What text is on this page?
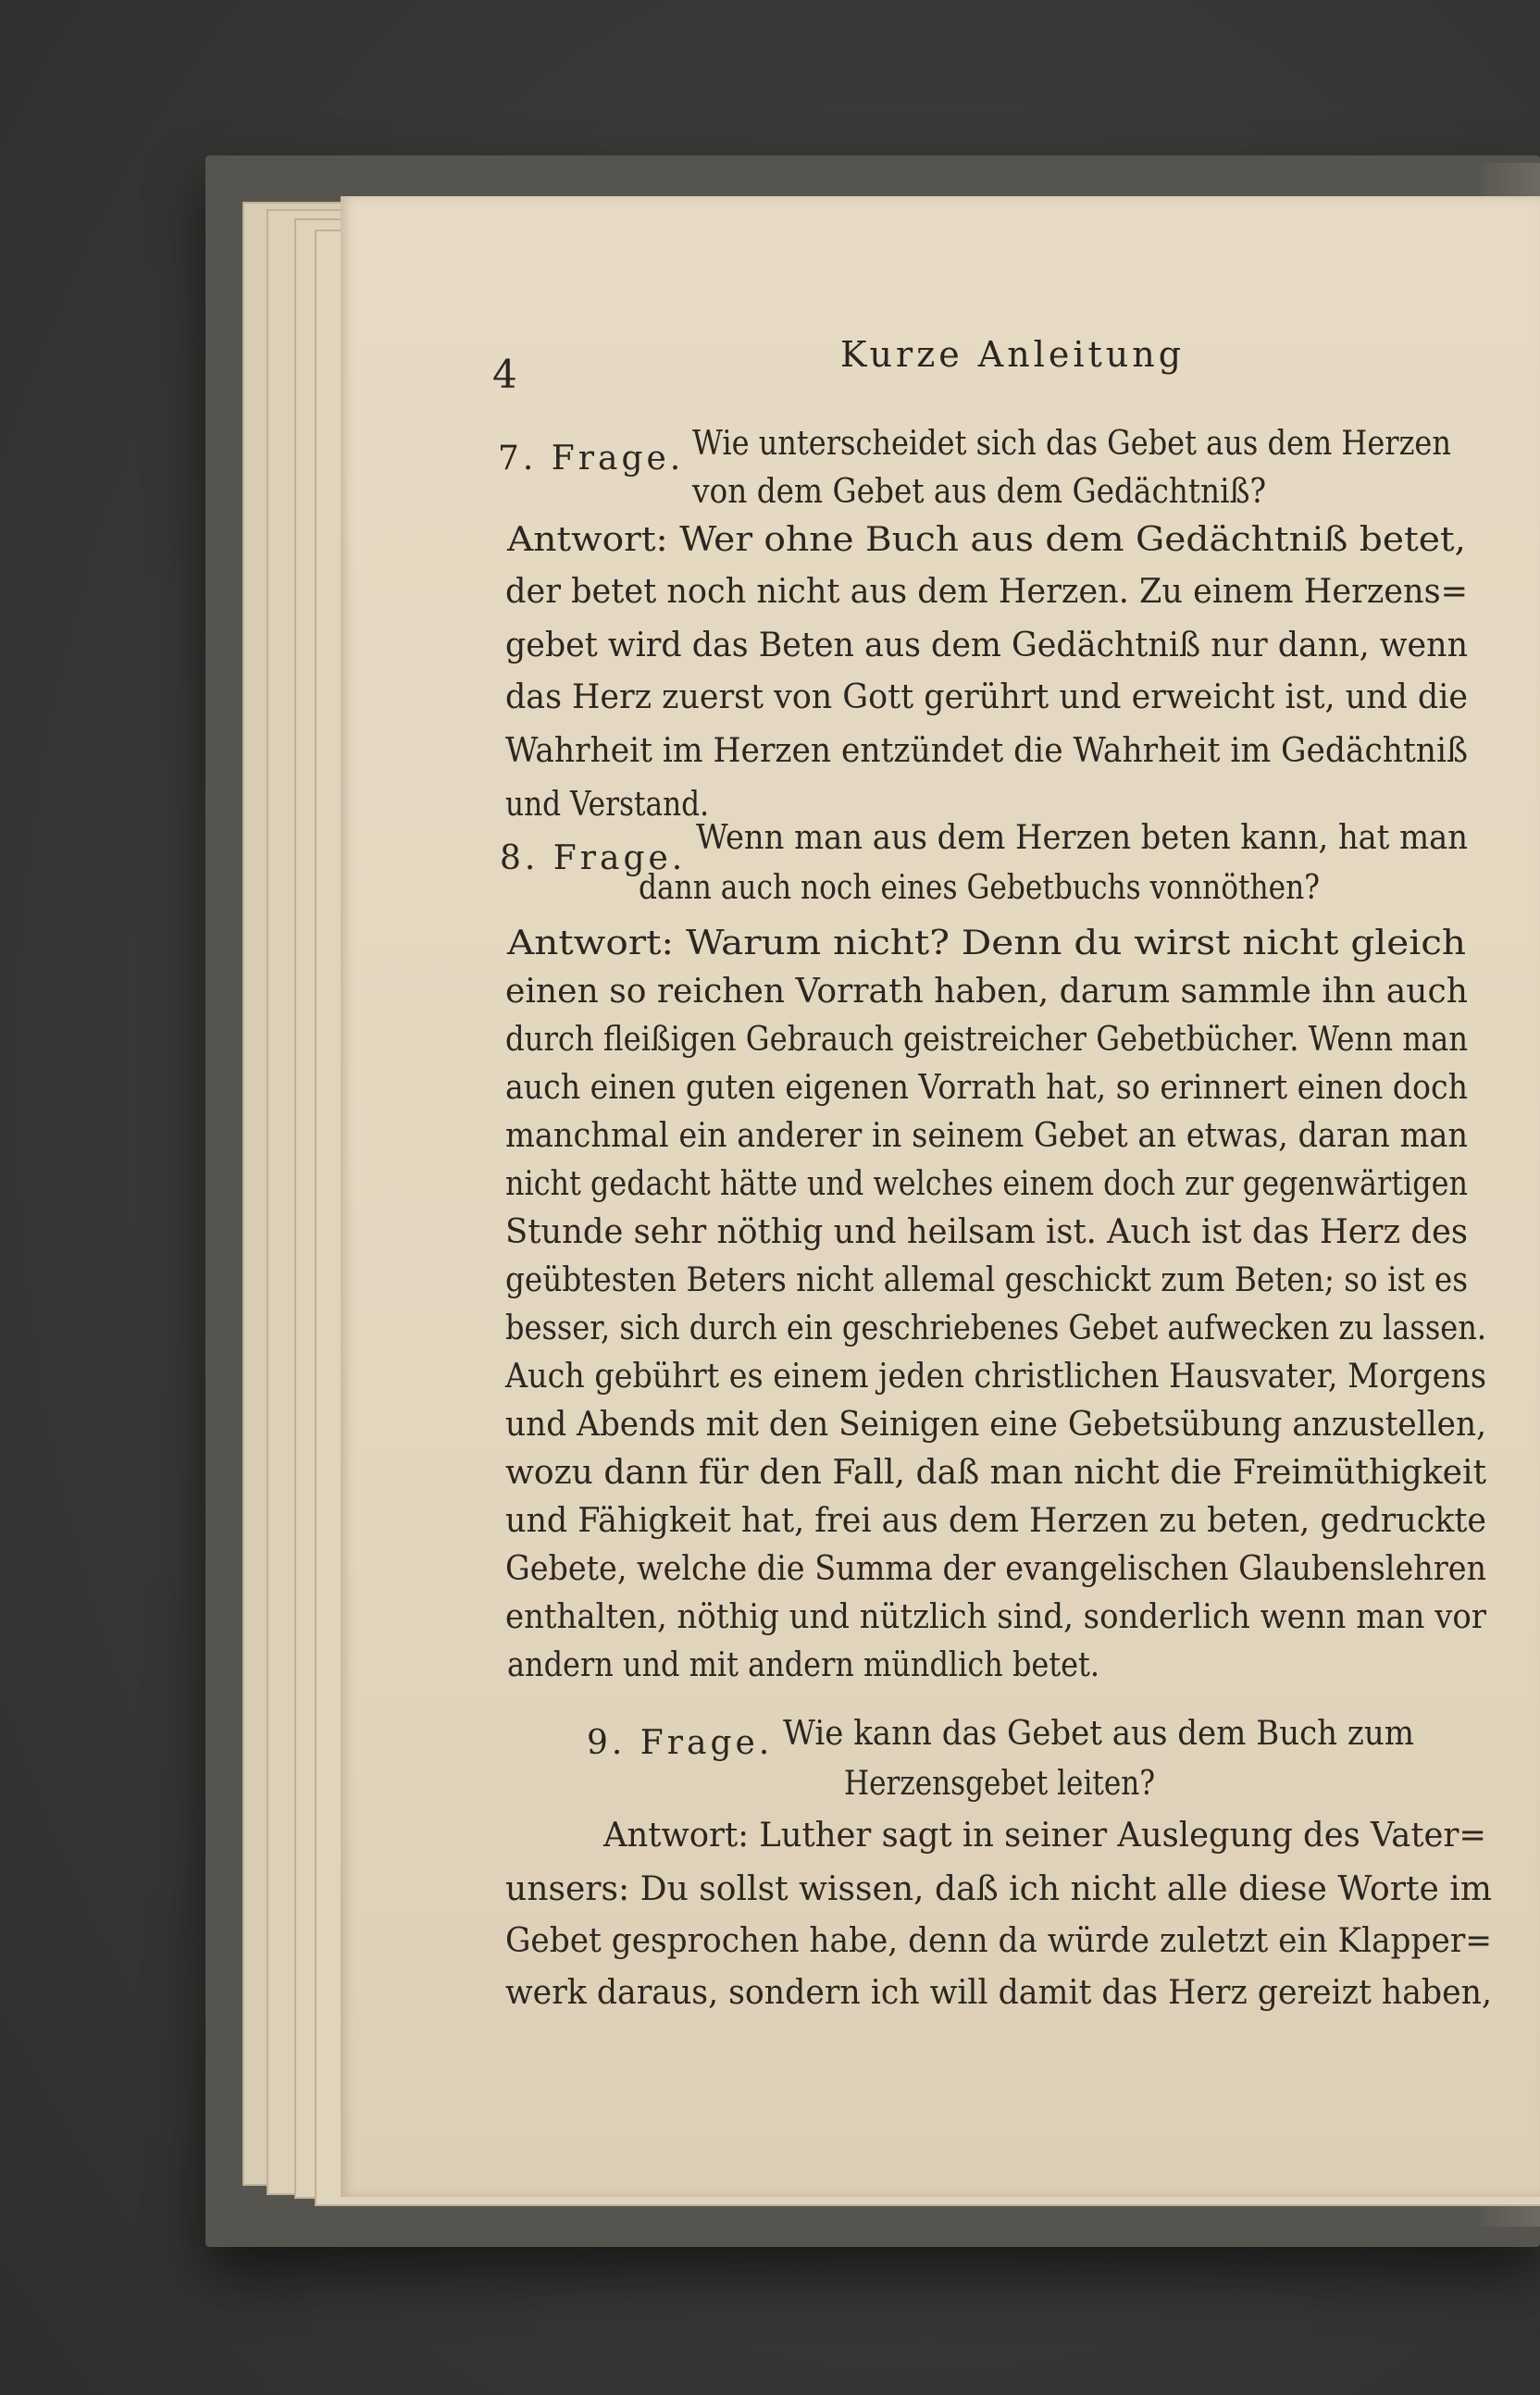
4	Kurze Anleitung

7. Frage. Wie unterscheidet sich das Gebet aus dem Herzen

von dem Gebet aus dem Gedächtniß?

Antwort: Wer ohne Buch aus dem Gedächtniß betet,

der betet noch nicht aus dem Herzen. Zu einem Herzens=

gebet wird das Beten aus dem Gedächtniß nur dann, wenn

das Herz zuerst von Gott gerührt und erweicht ist, und die

Wahrheit im Herzen entzündet die Wahrheit im Gedächtniß

und Verstand.

8. Frage.

Wenn man aus dem Herzen beten kann, hat man

dann auch noch eines Gebetbuchs vonnöthen?

Antwort: Warum nicht? Denn du wirst nicht gleich

einen so reichen Vorrath haben, darum sammle ihn auch

durch fleißigen Gebrauch geistreicher Gebetbücher. Wenn man

auch einen guten eigenen Vorrath hat, so erinnert einen doch

manchmal ein anderer in seinem Gebet an etwas, daran man

nicht gedacht hätte und welches einem doch zur gegenwärtigen

Stunde sehr nöthig und heilsam ist. Auch ist das Herz des

geübtesten Beters nicht allemal geschickt zum Beten; so ist es

besser, sich durch ein geschriebenes Gebet aufwecken zu lassen.

Auch gebührt es einem jeden christlichen Hausvater, Morgens

und Abends mit den Seinigen eine Gebetsübung anzustellen,

wozu dann für den Fall, daß man nicht die Freimüthigkeit

und Fähigkeit hat, frei aus dem Herzen zu beten, gedruckte

Gebete, welche die Summa der evangelischen Glaubenslehren

enthalten, nöthig und nützlich sind, sonderlich wenn man vor

andern und mit andern mündlich betet.

9. Frage. Wie kann das Gebet aus dem Buch zum

Herzensgebet leiten?

Antwort: Luther sagt in seiner Auslegung des Vater=

unsers: Du sollst wissen, daß ich nicht alle diese Worte im

Gebet gesprochen habe, denn da würde zuletzt ein Klapper=

werk daraus, sondern ich will damit das Herz gereizt haben,
